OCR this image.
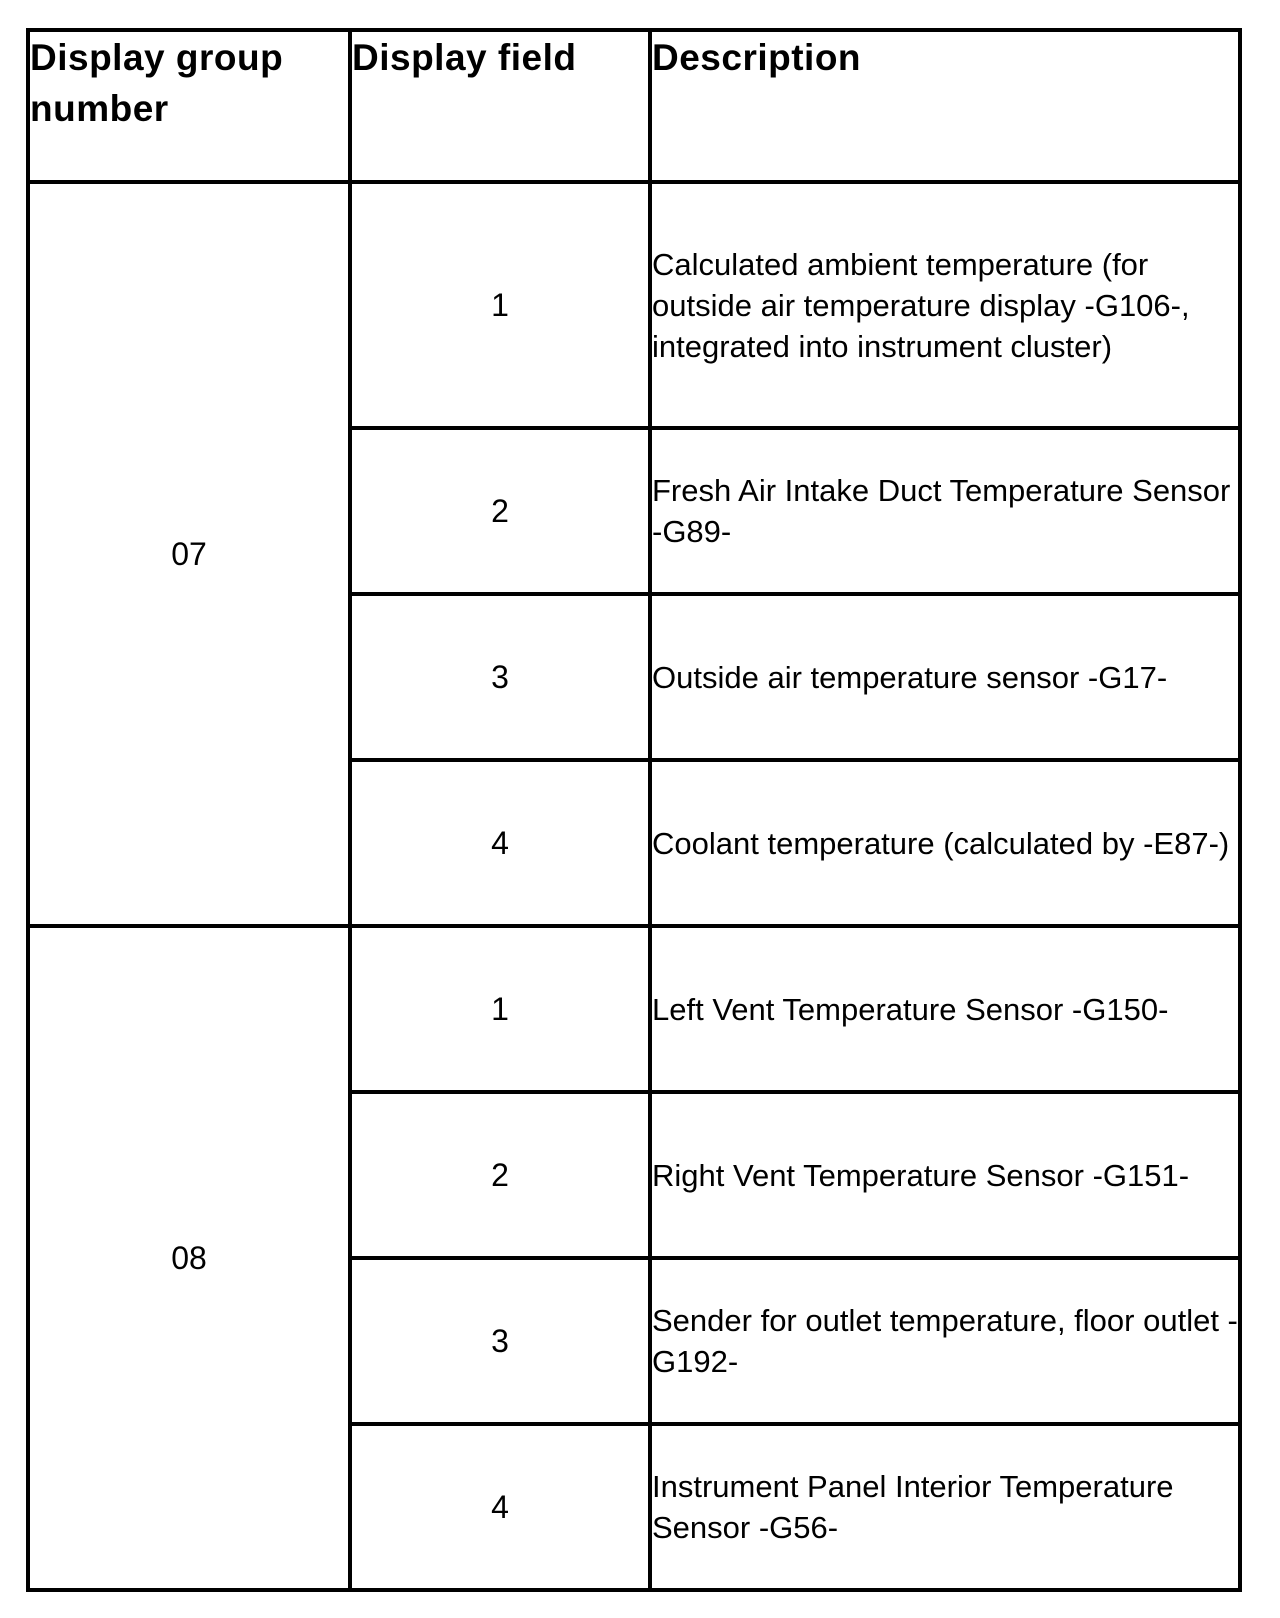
Display group number	Display field	Description
07	1	Calculated ambient temperature (for outside air temperature display -G106-, integrated into instrument cluster)
	2	Fresh Air Intake Duct Temperature Sensor -G89-
	3	Outside air temperature sensor -G17-
	4	Coolant temperature (calculated by -E87-)
08	1	Left Vent Temperature Sensor -G150-
	2	Right Vent Temperature Sensor -G151-
	3	Sender for outlet temperature, floor outlet -G192-
	4	Instrument Panel Interior Temperature Sensor -G56-
